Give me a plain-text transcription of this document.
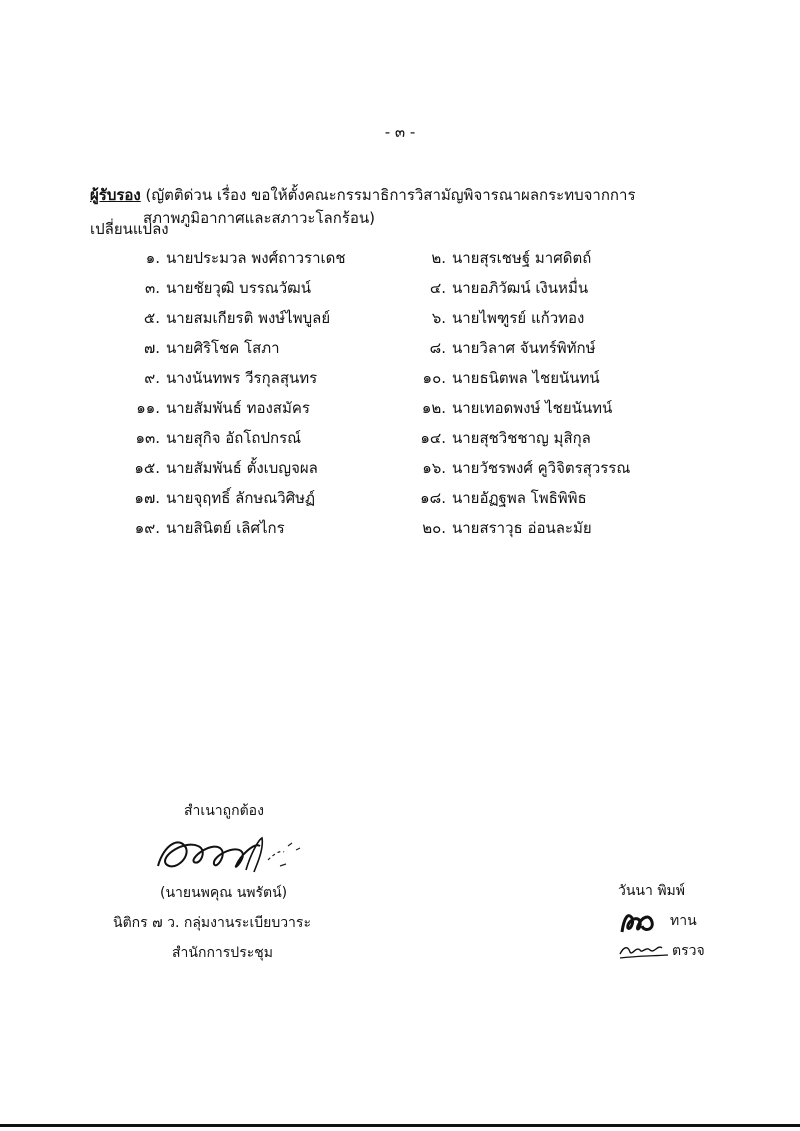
- ๓ -
ผู้รับรอง (ญัตติด่วน เรื่อง ขอให้ตั้งคณะกรรมาธิการวิสามัญพิจารณาผลกระทบจากการเปลี่ยนแปลง
สภาพภูมิอากาศและสภาวะโลกร้อน)
๑. นายประมวล พงศ์ถาวราเดช	๒. นายสุรเชษฐ์ มาศดิตถ์
๓. นายชัยวุฒิ บรรณวัฒน์	๔. นายอภิวัฒน์ เงินหมื่น
๕. นายสมเกียรติ พงษ์ไพบูลย์	๖. นายไพฑูรย์ แก้วทอง
๗. นายศิริโชค โสภา	๘. นายวิลาศ จันทร์พิทักษ์
๙. นางนันทพร วีรกุลสุนทร	๑๐. นายธนิตพล ไชยนันทน์
๑๑. นายสัมพันธ์ ทองสมัคร	๑๒. นายเทอดพงษ์ ไชยนันทน์
๑๓. นายสุกิจ อัถโถปกรณ์	๑๔. นายสุชวิชชาญ มุสิกุล
๑๕. นายสัมพันธ์ ตั้งเบญจผล	๑๖. นายวัชรพงศ์ คูวิจิตรสุวรรณ
๑๗. นายจุฤทธิ์ ลักษณวิศิษฏ์	๑๘. นายอัฏฐพล โพธิพิพิธ
๑๙. นายสินิตย์ เลิศไกร	๒๐. นายสราวุธ อ่อนละมัย
สำเนาถูกต้อง
(นายนพคุณ นพรัตน์)
นิติกร ๗ ว. กลุ่มงานระเบียบวาระ
สำนักการประชุม
วันนา พิมพ์
ทาน
ตรวจ
